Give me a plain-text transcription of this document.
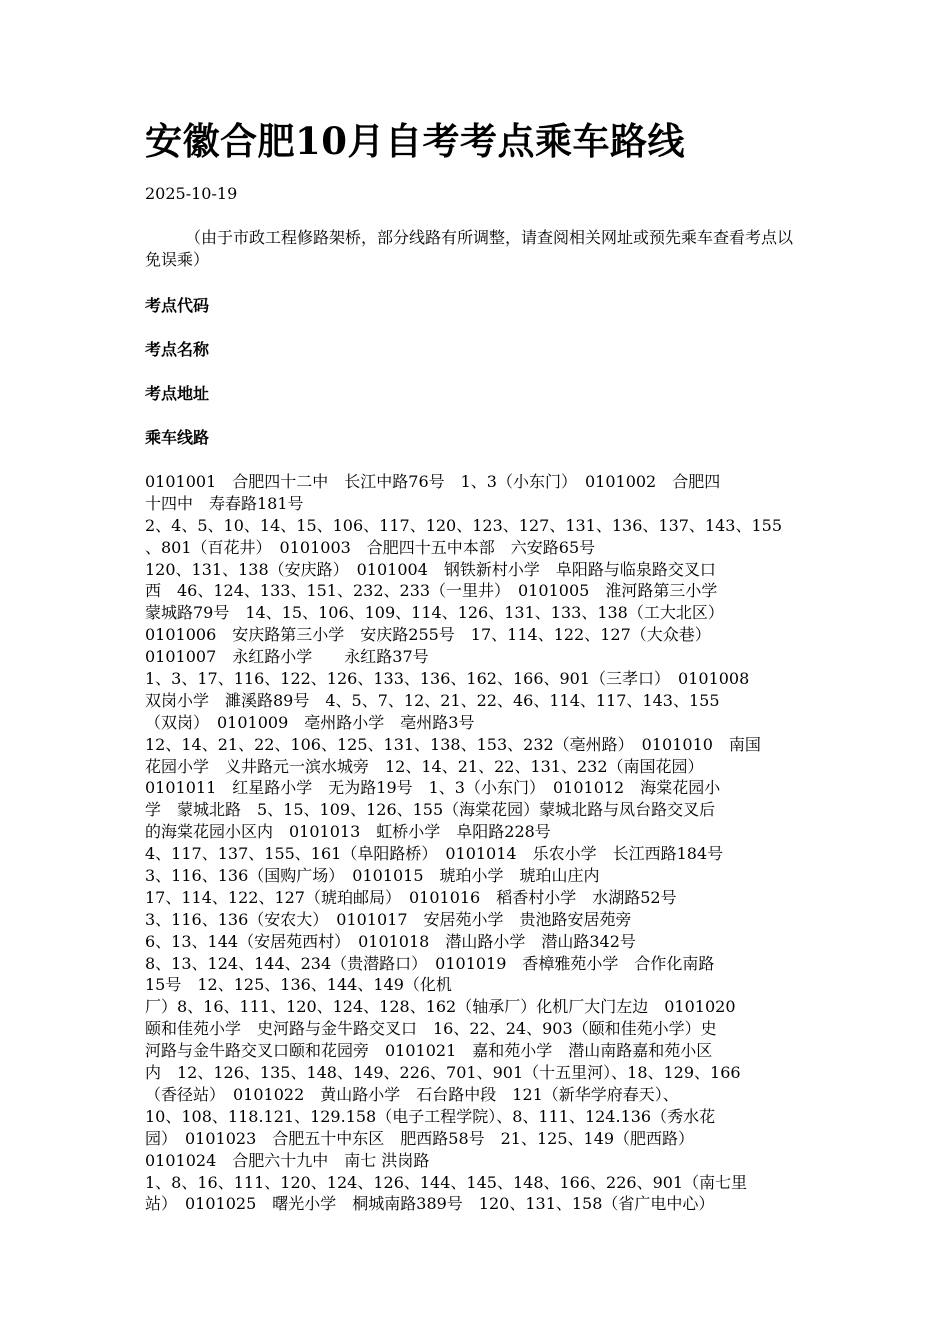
安徽合肥10月自考考点乘车路线
2025-10-19
（由于市政工程修路架桥，部分线路有所调整，请查阅相关网址或预先乘车查看考点以免误乘）
考点代码
考点名称
考点地址
乘车线路
0101001　合肥四十二中　长江中路76号　1、3（小东门）　0101002　合肥四
十四中　寿春路181号
2、4、5、10、14、15、106、117、120、123、127、131、136、137、143、155
、801（百花井）　0101003　合肥四十五中本部　六安路65号
120、131、138（安庆路）　0101004　钢铁新村小学　阜阳路与临泉路交叉口
西　46、124、133、151、232、233（一里井）　0101005　淮河路第三小学
蒙城路79号　14、15、106、109、114、126、131、133、138（工大北区）
0101006　安庆路第三小学　安庆路255号　17、114、122、127（大众巷）
0101007　永红路小学　　永红路37号
1、3、17、116、122、126、133、136、162、166、901（三孝口）　0101008
双岗小学　濉溪路89号　4、5、7、12、21、22、46、114、117、143、155
（双岗）　0101009　亳州路小学　亳州路3号
12、14、21、22、106、125、131、138、153、232（亳州路）　0101010　南国
花园小学　义井路元一滨水城旁　12、14、21、22、131、232（南国花园）
0101011　红星路小学　无为路19号　1、3（小东门）　0101012　海棠花园小
学　蒙城北路　5、15、109、126、155（海棠花园）蒙城北路与凤台路交叉后
的海棠花园小区内　0101013　虹桥小学　阜阳路228号
4、117、137、155、161（阜阳路桥）　0101014　乐农小学　长江西路184号
3、116、136（国购广场）　0101015　琥珀小学　琥珀山庄内
17、114、122、127（琥珀邮局）　0101016　稻香村小学　水湖路52号
3、116、136（安农大）　0101017　安居苑小学　贵池路安居苑旁
6、13、144（安居苑西村）　0101018　潜山路小学　潜山路342号
8、13、124、144、234（贵潜路口）　0101019　香樟雅苑小学　合作化南路
15号　12、125、136、144、149（化机
厂）8、16、111、120、124、128、162（轴承厂）化机厂大门左边　0101020
颐和佳苑小学　史河路与金牛路交叉口　16、22、24、903（颐和佳苑小学）史
河路与金牛路交叉口颐和花园旁　0101021　嘉和苑小学　潜山南路嘉和苑小区
内　12、126、135、148、149、226、701、901（十五里河）、18、129、166
（香径站）　0101022　黄山路小学　石台路中段　121（新华学府春天）、
10、108、118.121、129.158（电子工程学院）、8、111、124.136（秀水花
园）　0101023　合肥五十中东区　肥西路58号　21、125、149（肥西路）
0101024　合肥六十九中　南七 洪岗路
1、8、16、111、120、124、126、144、145、148、166、226、901（南七里
站）　0101025　曙光小学　桐城南路389号　120、131、158（省广电中心）
